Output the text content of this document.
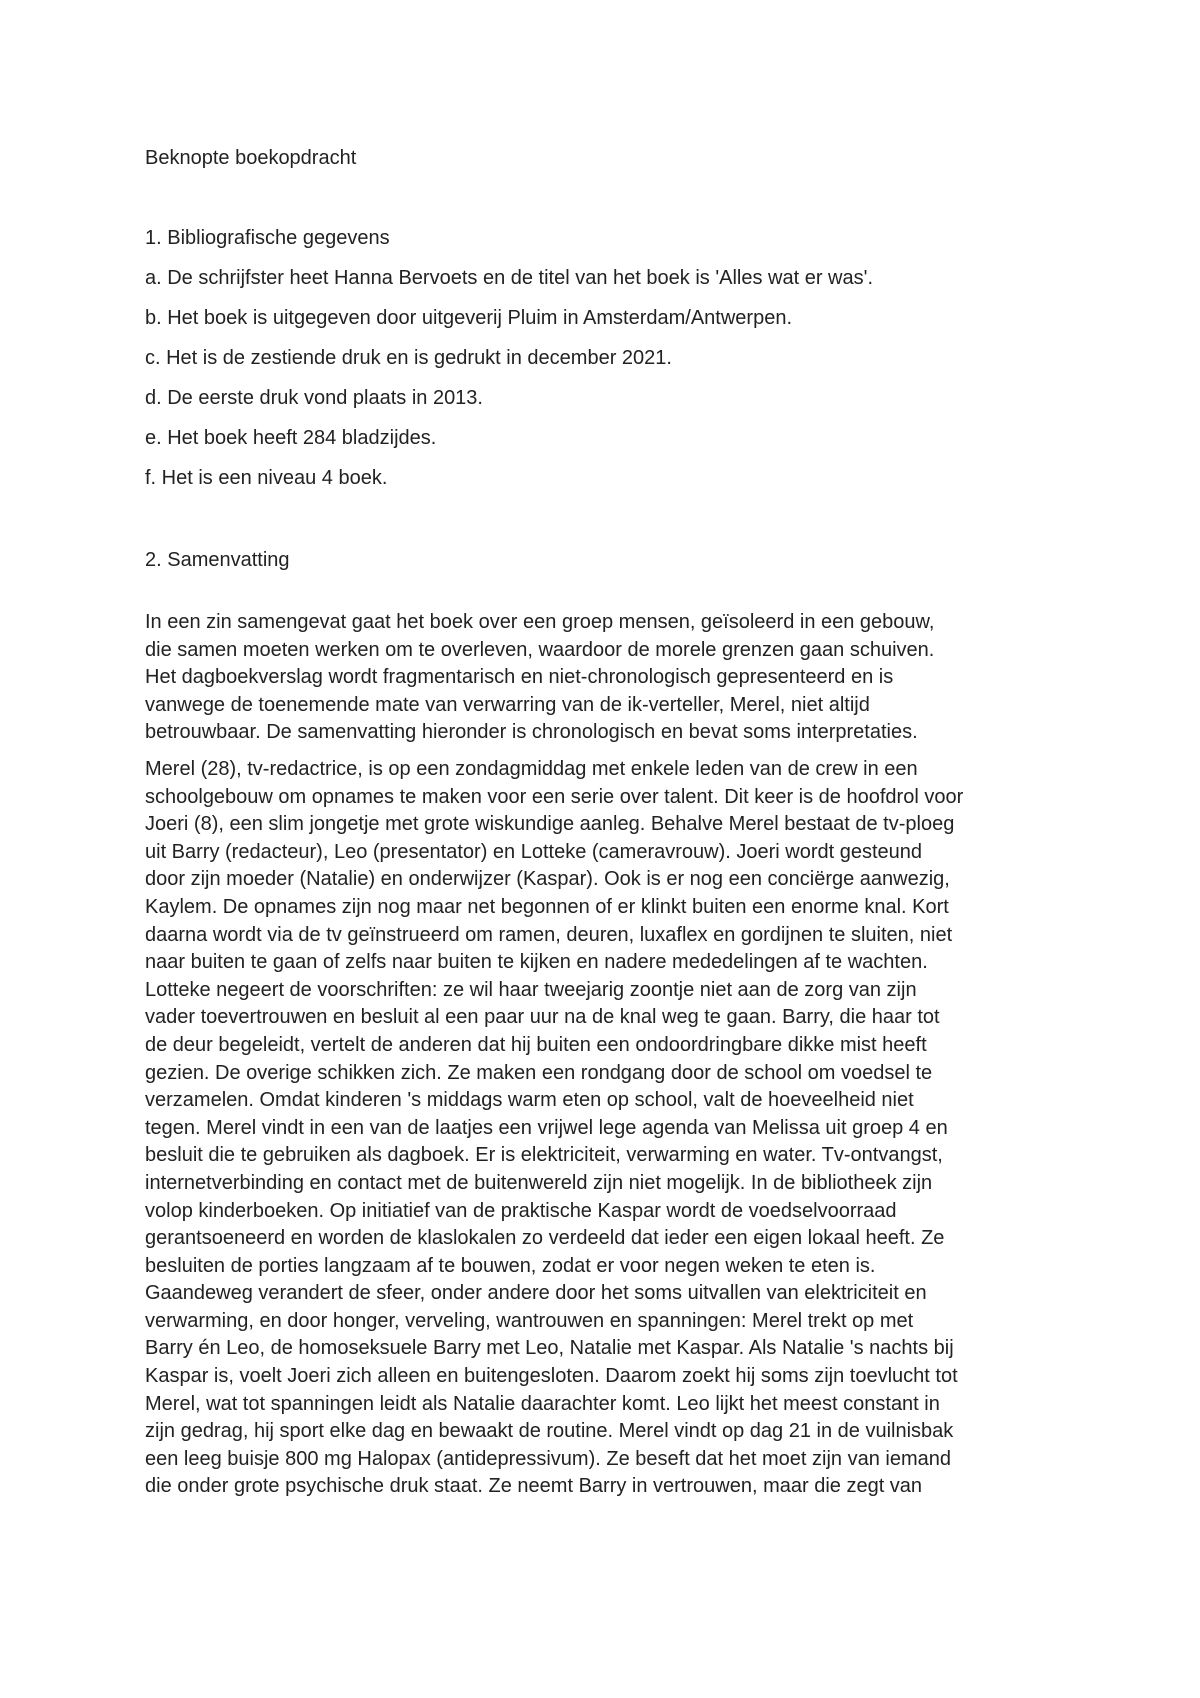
Beknopte boekopdracht
1. Bibliografische gegevens
a. De schrijfster heet Hanna Bervoets en de titel van het boek is 'Alles wat er was'.
b. Het boek is uitgegeven door uitgeverij Pluim in Amsterdam/Antwerpen.
c. Het is de zestiende druk en is gedrukt in december 2021.
d. De eerste druk vond plaats in 2013.
e. Het boek heeft 284 bladzijdes.
f. Het is een niveau 4 boek.
2. Samenvatting

In een zin samengevat gaat het boek over een groep mensen, geïsoleerd in een gebouw,
die samen moeten werken om te overleven, waardoor de morele grenzen gaan schuiven.
Het dagboekverslag wordt fragmentarisch en niet-chronologisch gepresenteerd en is
vanwege de toenemende mate van verwarring van de ik-verteller, Merel, niet altijd
betrouwbaar. De samenvatting hieronder is chronologisch en bevat soms interpretaties.

Merel (28), tv-redactrice, is op een zondagmiddag met enkele leden van de crew in een
schoolgebouw om opnames te maken voor een serie over talent. Dit keer is de hoofdrol voor
Joeri (8), een slim jongetje met grote wiskundige aanleg. Behalve Merel bestaat de tv-ploeg
uit Barry (redacteur), Leo (presentator) en Lotteke (cameravrouw). Joeri wordt gesteund
door zijn moeder (Natalie) en onderwijzer (Kaspar). Ook is er nog een conciërge aanwezig,
Kaylem. De opnames zijn nog maar net begonnen of er klinkt buiten een enorme knal. Kort
daarna wordt via de tv geïnstrueerd om ramen, deuren, luxaflex en gordijnen te sluiten, niet
naar buiten te gaan of zelfs naar buiten te kijken en nadere mededelingen af te wachten.
Lotteke negeert de voorschriften: ze wil haar tweejarig zoontje niet aan de zorg van zijn
vader toevertrouwen en besluit al een paar uur na de knal weg te gaan. Barry, die haar tot
de deur begeleidt, vertelt de anderen dat hij buiten een ondoordringbare dikke mist heeft
gezien. De overige schikken zich. Ze maken een rondgang door de school om voedsel te
verzamelen. Omdat kinderen 's middags warm eten op school, valt de hoeveelheid niet
tegen. Merel vindt in een van de laatjes een vrijwel lege agenda van Melissa uit groep 4 en
besluit die te gebruiken als dagboek. Er is elektriciteit, verwarming en water. Tv-ontvangst,
internetverbinding en contact met de buitenwereld zijn niet mogelijk. In de bibliotheek zijn
volop kinderboeken. Op initiatief van de praktische Kaspar wordt de voedselvoorraad
gerantsoeneerd en worden de klaslokalen zo verdeeld dat ieder een eigen lokaal heeft. Ze
besluiten de porties langzaam af te bouwen, zodat er voor negen weken te eten is.
Gaandeweg verandert de sfeer, onder andere door het soms uitvallen van elektriciteit en
verwarming, en door honger, verveling, wantrouwen en spanningen: Merel trekt op met
Barry én Leo, de homoseksuele Barry met Leo, Natalie met Kaspar. Als Natalie 's nachts bij
Kaspar is, voelt Joeri zich alleen en buitengesloten. Daarom zoekt hij soms zijn toevlucht tot
Merel, wat tot spanningen leidt als Natalie daarachter komt. Leo lijkt het meest constant in
zijn gedrag, hij sport elke dag en bewaakt de routine. Merel vindt op dag 21 in de vuilnisbak
een leeg buisje 800 mg Halopax (antidepressivum). Ze beseft dat het moet zijn van iemand
die onder grote psychische druk staat. Ze neemt Barry in vertrouwen, maar die zegt van
